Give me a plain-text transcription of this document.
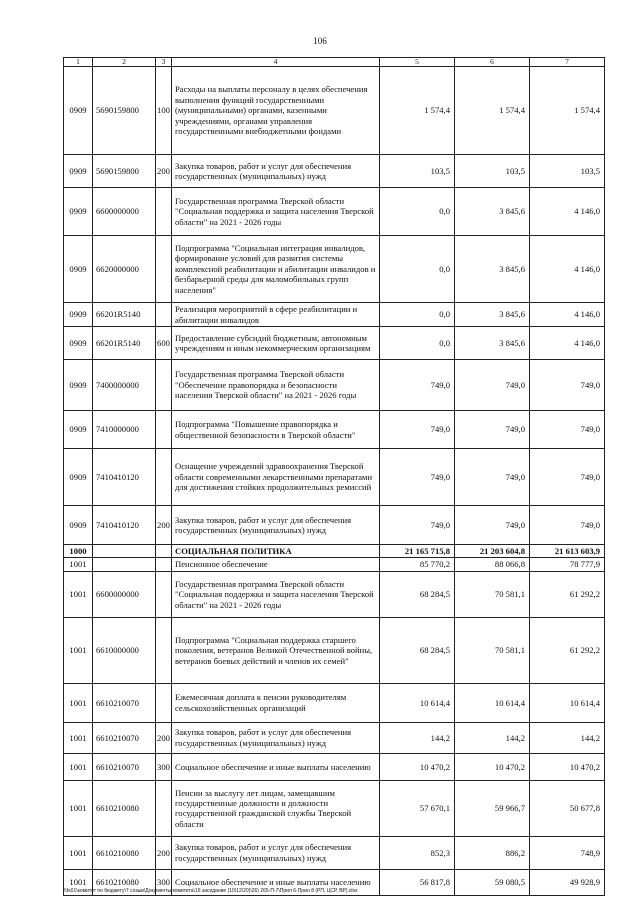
106
1	2	3	4	5	6	7
0909	5690159800	100	Расходы на выплаты персоналу в целях обеспечения выполнения функций государственными (муниципальными) органами, казенными учреждениями, органами управления государственными внебюджетными фондами	1 574,4	1 574,4	1 574,4
0909	5690159800	200	Закупка товаров, работ и услуг для обеспечения государственных (муниципальных) нужд	103,5	103,5	103,5
0909	6600000000		Государственная программа Тверской области "Социальная поддержка и защита населения Тверской области" на 2021 - 2026 годы	0,0	3 845,6	4 146,0
0909	6620000000		Подпрограмма "Социальная интеграция инвалидов, формирование условий для развития системы комплексной реабилитации и абилитации инвалидов и безбарьерной среды для маломобильных групп населения"	0,0	3 845,6	4 146,0
0909	66201R5140		Реализация мероприятий в сфере реабилитации и абилитации инвалидов	0,0	3 845,6	4 146,0
0909	66201R5140	600	Предоставление субсидий бюджетным, автономным учреждениям и иным некоммерческим организациям	0,0	3 845,6	4 146,0
0909	7400000000		Государственная программа Тверской области "Обеспечение правопорядка и безопасности населения Тверской области" на 2021 - 2026 годы	749,0	749,0	749,0
0909	7410000000		Подпрограмма "Повышение правопорядка и общественной безопасности в Тверской области"	749,0	749,0	749,0
0909	7410410120		Оснащение учреждений здравоохранения Тверской области современными лекарственными препаратами для достижения стойких продолжительных ремиссий	749,0	749,0	749,0
0909	7410410120	200	Закупка товаров, работ и услуг для обеспечения государственных (муниципальных) нужд	749,0	749,0	749,0
1000			СОЦИАЛЬНАЯ ПОЛИТИКА	21 165 715,8	21 203 604,8	21 613 603,9
1001			Пенсионное обеспечение	85 770,2	88 066,8	78 777,9
1001	6600000000		Государственная программа Тверской области "Социальная поддержка и защита населения Тверской области" на 2021 - 2026 годы	68 284,5	70 581,1	61 292,2
1001	6610000000		Подпрограмма "Социальная поддержка старшего поколения, ветеранов Великой Отечественной войны, ветеранов боевых действий и членов их семей"	68 284,5	70 581,1	61 292,2
1001	6610210070		Ежемесячная доплата к пенсии руководителям сельскохозяйственных организаций	10 614,4	10 614,4	10 614,4
1001	6610210070	200	Закупка товаров, работ и услуг для обеспечения государственных (муниципальных) нужд	144,2	144,2	144,2
1001	6610210070	300	Социальное обеспечение и иные выплаты населению	10 470,2	10 470,2	10 470,2
1001	6610210080		Пенсии за выслугу лет лицам, замещавшим государственные должности и должности государственной гражданской службы Тверской области	57 670,1	59 966,7	50 677,8
1001	6610210080	200	Закупка товаров, работ и услуг для обеспечения государственных (муниципальных) нужд	852,3	886,2	748,9
1001	6610210080	300	Социальное обеспечение и иные выплаты населению	56 817,8	59 080,5	49 928,9
\\fs01\комитет по бюджету\7 созыв\Документы комитета\16 заседание (10\12\20)\26) 265-П-7\Прил 6-Прил 8 (РП, ЦСР, ВР).xlsx
